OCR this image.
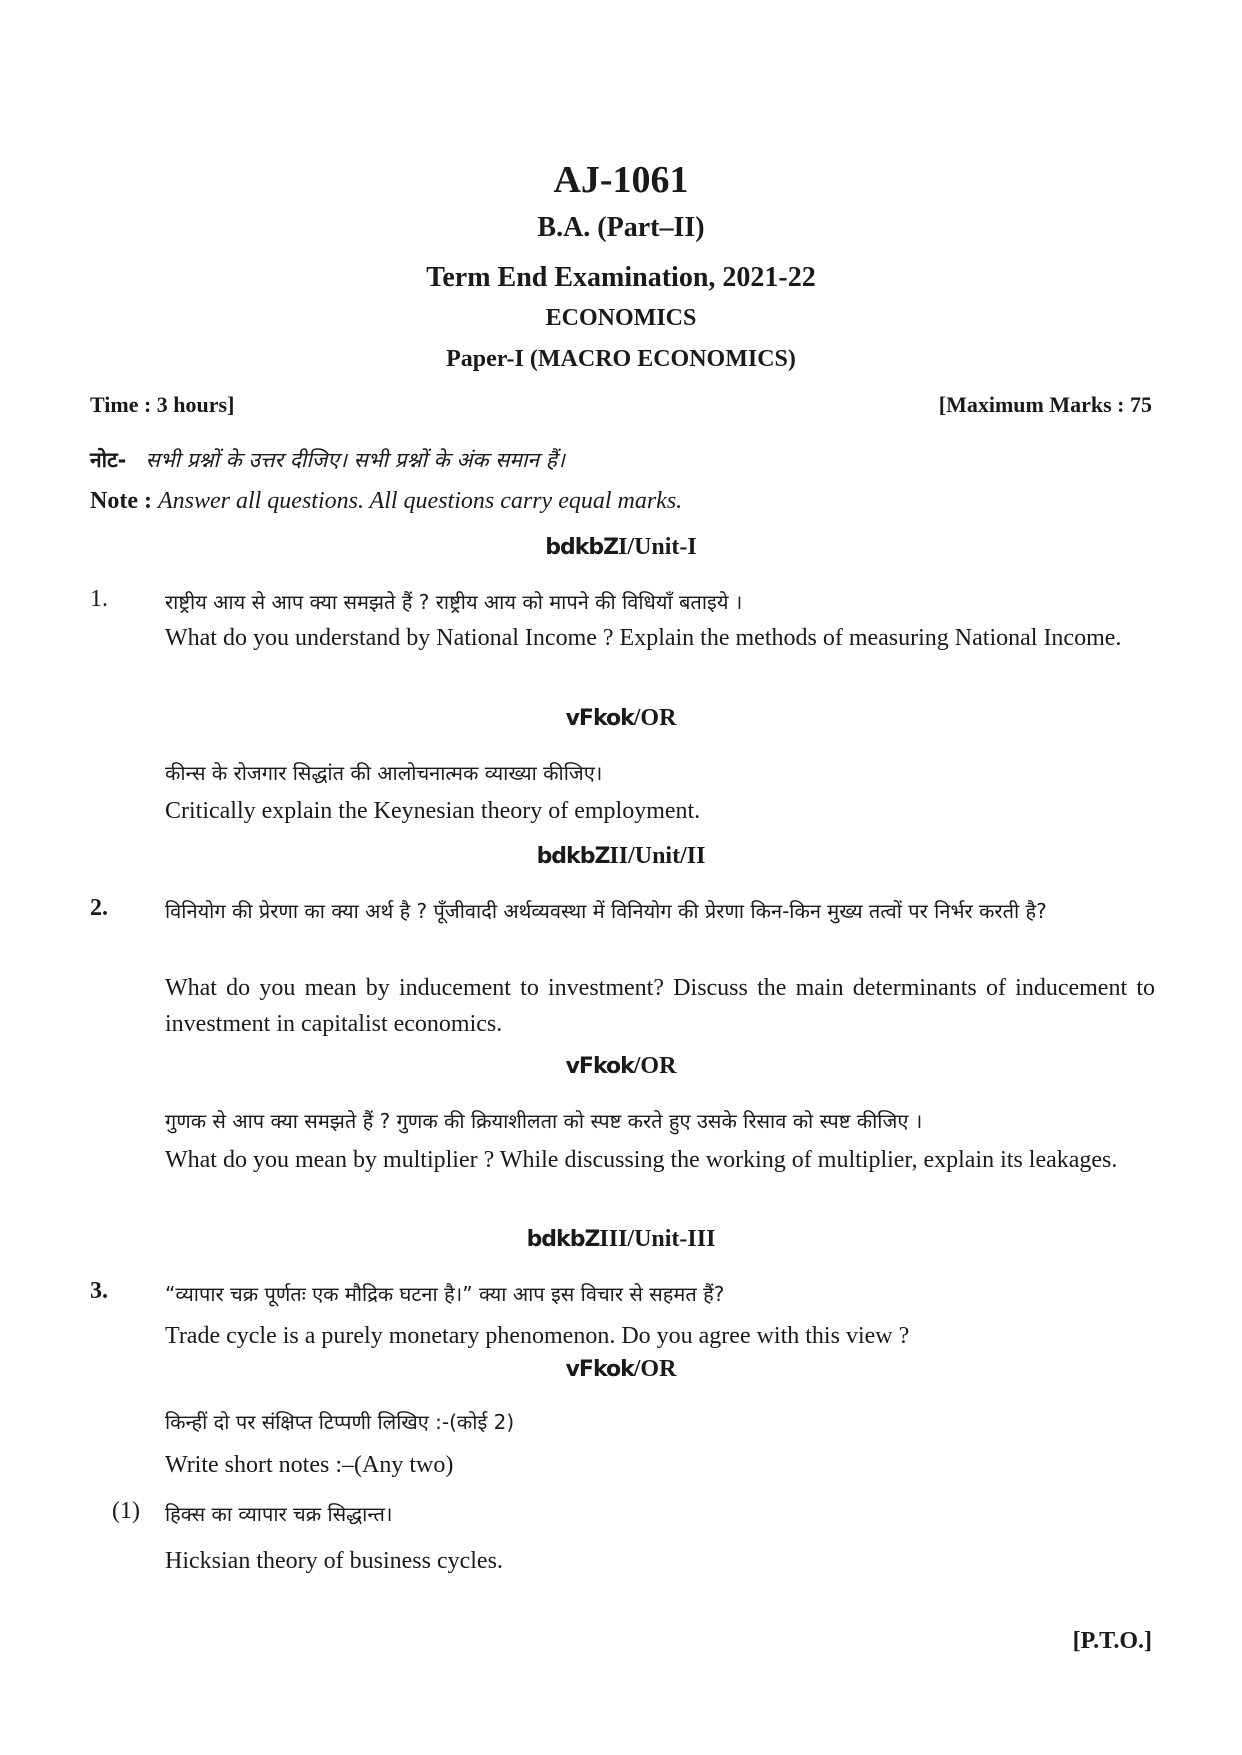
AJ-1061
B.A. (Part–II)
Term End Examination, 2021-22
ECONOMICS
Paper-I (MACRO ECONOMICS)
Time : 3 hours]	[Maximum Marks : 75
नोट- सभी प्रश्नों के उत्तर दीजिए। सभी प्रश्नों के अंक समान हैं।
Note : Answer all questions. All questions carry equal marks.
bdkbZI/Unit-I
1.	राष्ट्रीय आय से आप क्या समझते हैं ? राष्ट्रीय आय को मापने की विधियाँ बताइये ।
What do you understand by National Income ? Explain the methods of measuring National Income.
vFkok/OR
कीन्स के रोजगार सिद्धांत की आलोचनात्मक व्याख्या कीजिए।
Critically explain the Keynesian theory of employment.
bdkbZII/Unit/II
2.	विनियोग की प्रेरणा का क्या अर्थ है ? पूँजीवादी अर्थव्यवस्था में विनियोग की प्रेरणा किन-किन मुख्य तत्वों पर निर्भर करती है?
What do you mean by inducement to investment? Discuss the main determinants of inducement to investment in capitalist economics.
vFkok/OR
गुणक से आप क्या समझते हैं ? गुणक की क्रियाशीलता को स्पष्ट करते हुए उसके रिसाव को स्पष्ट कीजिए ।
What do you mean by multiplier ? While discussing the working of multiplier, explain its leakages.
bdkbZIII/Unit-III
3.	“व्यापार चक्र पूर्णतः एक मौद्रिक घटना है।” क्या आप इस विचार से सहमत हैं?
Trade cycle is a purely monetary phenomenon. Do you agree with this view ?
vFkok/OR
किन्हीं दो पर संक्षिप्त टिप्पणी लिखिए :-(कोई 2)
Write short notes :–(Any two)
(1) हिक्स का व्यापार चक्र सिद्धान्त।
Hicksian theory of business cycles.
[P.T.O.]
